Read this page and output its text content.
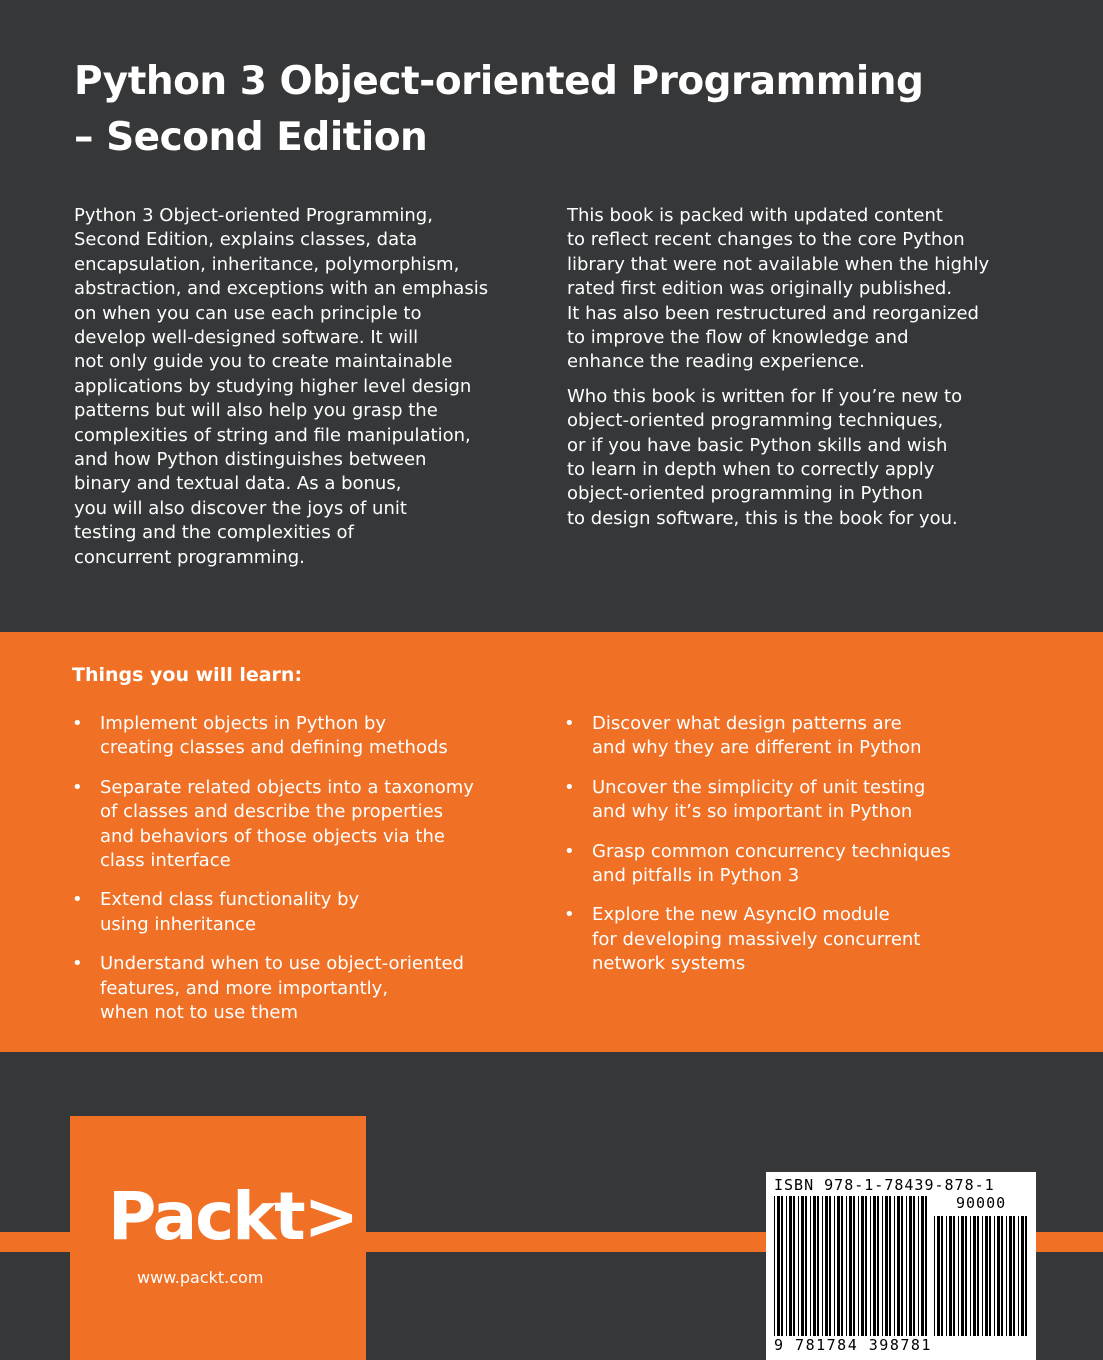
Python 3 Object-oriented Programming
– Second Edition

Python 3 Object-oriented Programming,
Second Edition, explains classes, data
encapsulation, inheritance, polymorphism,
abstraction, and exceptions with an emphasis
on when you can use each principle to
develop well-designed software. It will
not only guide you to create maintainable
applications by studying higher level design
patterns but will also help you grasp the
complexities of string and file manipulation,
and how Python distinguishes between
binary and textual data. As a bonus,
you will also discover the joys of unit
testing and the complexities of
concurrent programming.

This book is packed with updated content
to reflect recent changes to the core Python
library that were not available when the highly
rated first edition was originally published.
It has also been restructured and reorganized
to improve the flow of knowledge and
enhance the reading experience.

Who this book is written for If you’re new to
object-oriented programming techniques,
or if you have basic Python skills and wish
to learn in depth when to correctly apply
object-oriented programming in Python
to design software, this is the book for you.

Things you will learn:
• Implement objects in Python by
creating classes and defining methods
• Separate related objects into a taxonomy
of classes and describe the properties
and behaviors of those objects via the
class interface
• Extend class functionality by
using inheritance
• Understand when to use object-oriented
features, and more importantly,
when not to use them
• Discover what design patterns are
and why they are different in Python
• Uncover the simplicity of unit testing
and why it’s so important in Python
• Grasp common concurrency techniques
and pitfalls in Python 3
• Explore the new AsyncIO module
for developing massively concurrent
network systems
Packt>
www.packt.com
ISBN 978-1-78439-878-1
90000
9 781784 398781
